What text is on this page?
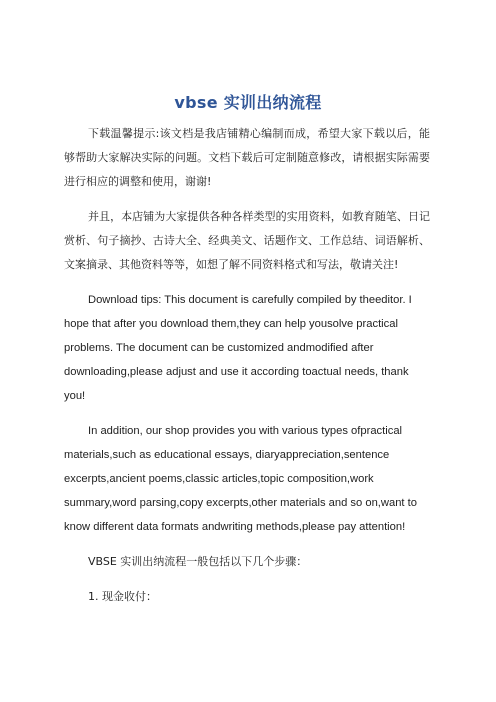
vbse 实训出纳流程

下载温馨提示:该文档是我店铺精心编制而成，希望大家下载以后，能够帮助大家解决实际的问题。文档下载后可定制随意修改，请根据实际需要进行相应的调整和使用，谢谢!

并且，本店铺为大家提供各种各样类型的实用资料，如教育随笔、日记赏析、句子摘抄、古诗大全、经典美文、话题作文、工作总结、词语解析、文案摘录、其他资料等等，如想了解不同资料格式和写法，敬请关注!

Download tips: This document is carefully compiled by theeditor. I hope that after you download them,they can help yousolve practical problems. The document can be customized andmodified after downloading,please adjust and use it according toactual needs, thank you!

In addition, our shop provides you with various types ofpractical materials,such as educational essays, diaryappreciation,sentence excerpts,ancient poems,classic articles,topic composition,work summary,word parsing,copy excerpts,other materials and so on,want to know different data formats andwriting methods,please pay attention!

VBSE 实训出纳流程一般包括以下几个步骤：

1. 现金收付：
